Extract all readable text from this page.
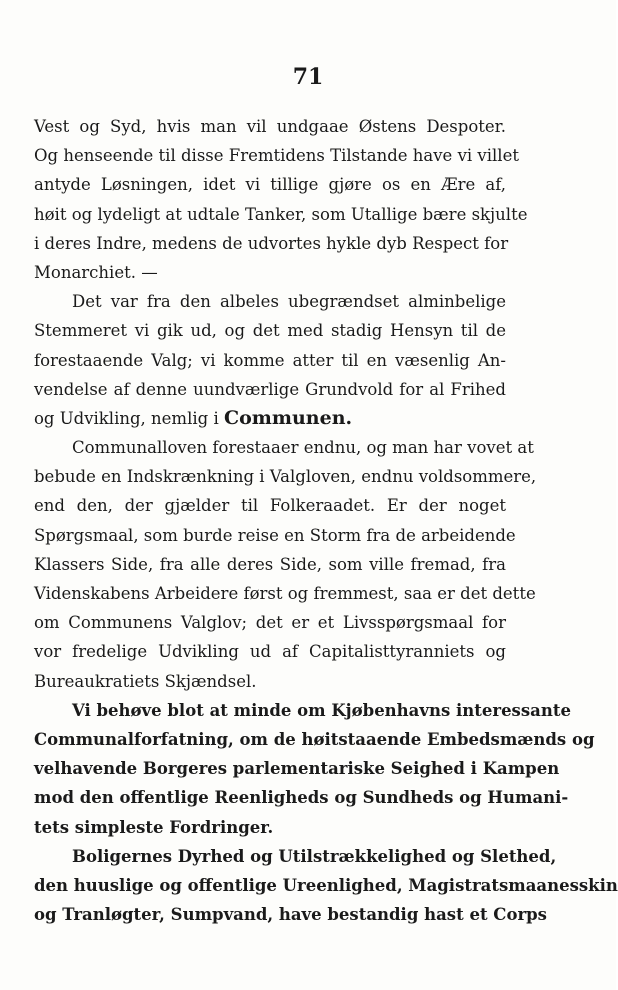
71
Vest og Syd, hvis man vil undgaae Østens Despoter.
Og henseende til disse Fremtidens Tilstande have vi villet
antyde Løsningen, idet vi tillige gjøre os en Ære af,
høit og lydeligt at udtale Tanker, som Utallige bære skjulte
i deres Indre, medens de udvortes hykle dyb Respect for
Monarchiet. —
Det var fra den albeles ubegrændset alminbelige
Stemmeret vi gik ud, og det med stadig Hensyn til de
forestaaende Valg; vi komme atter til en væsenlig An-
vendelse af denne uundværlige Grundvold for al Frihed
og Udvikling, nemlig i Communen.
Communalloven forestaaer endnu, og man har vovet at
bebude en Indskrænkning i Valgloven, endnu voldsommere,
end den, der gjælder til Folkeraadet. Er der noget
Spørgsmaal, som burde reise en Storm fra de arbeidende
Klassers Side, fra alle deres Side, som ville fremad, fra
Videnskabens Arbeidere først og fremmest, saa er det dette
om Communens Valglov; det er et Livsspørgsmaal for
vor fredelige Udvikling ud af Capitalisttyranniets og
Bureaukratiets Skjændsel.
Vi behøve blot at minde om Kjøbenhavns interessante
Communalforfatning, om de høitstaaende Embedsmænds og
velhavende Borgeres parlementariske Seighed i Kampen
mod den offentlige Reenligheds og Sundheds og Humani-
tets simpleste Fordringer.
Boligernes Dyrhed og Utilstrækkelighed og Slethed,
den huuslige og offentlige Ureenlighed, Magistratsmaanesskin
og Tranløgter, Sumpvand, have bestandig hast et Corps
